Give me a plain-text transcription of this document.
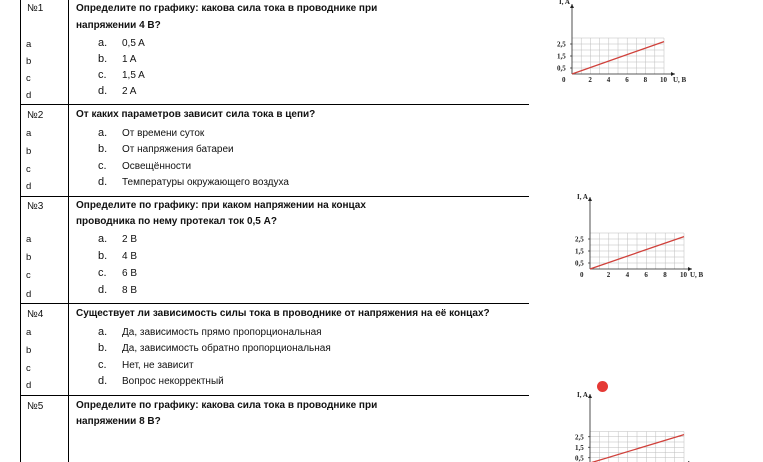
№1	Определите по графику: какова сила тока в проводнике при
напряжении 4 В?
a
b
c
d
a. 0,5 A
b. 1 A
c. 1,5 A
d. 2 A
№2	От каких параметров зависит сила тока в цепи?
a
b
c
d
a. От времени суток
b. От напряжения батареи
c. Освещённости
d. Температуры окружающего воздуха
№3	Определите по графику: при каком напряжении на концах
проводника по нему протекал ток 0,5 A?
a
b
c
d
a. 2 B
b. 4 B
c. 6 B
d. 8 B
№4	Существует ли зависимость силы тока в проводнике от напряжения на её концах?
a
b
c
d
a. Да, зависимость прямо пропорциональная
b. Да, зависимость обратно пропорциональная
c. Нет, не зависит
d. Вопрос некорректный
№5	Определите по графику: какова сила тока в проводнике при
напряжении 8 В?
I, A
U, B
0
2,5
1,5
0,5
2 4 6 8 10
I, A
U, B
0
2,5
1,5
0,5
2 4 6 8 10
I, A
2,5
1,5
0,5
